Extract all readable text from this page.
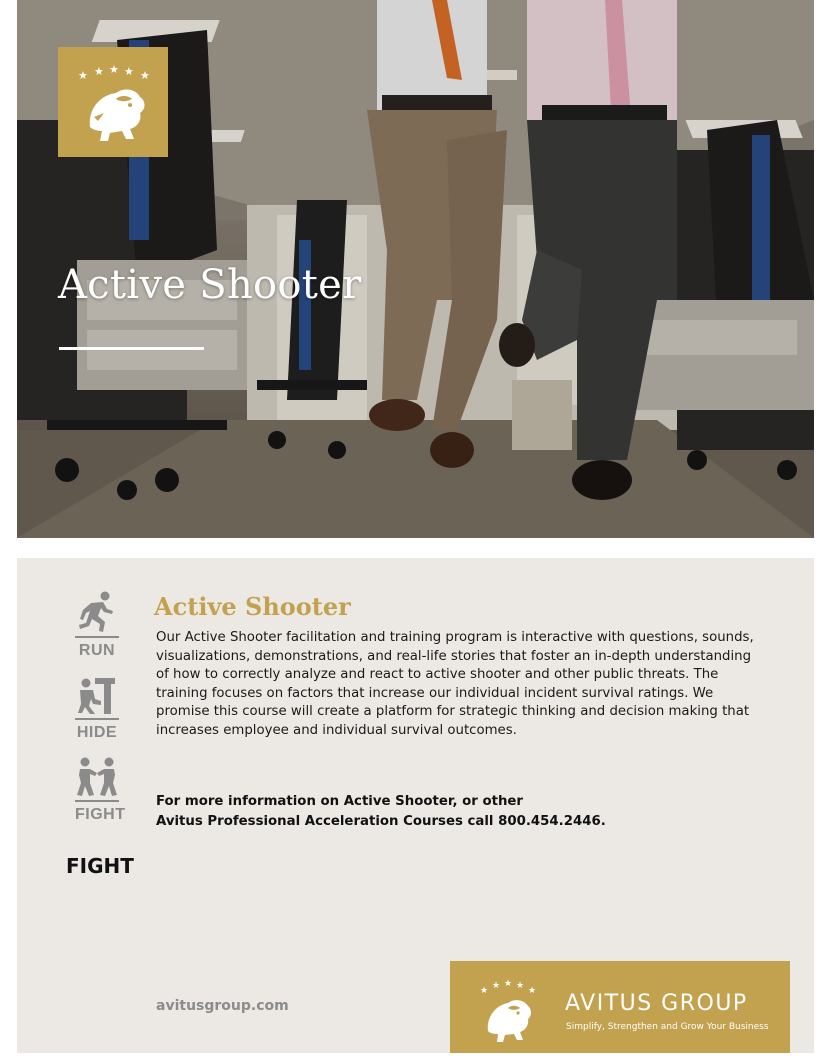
★ ★ ★ ★ ★
Active Shooter
RUN
HIDE
FIGHT
FIGHT
Active Shooter

Our Active Shooter facilitation and training program is interactive with questions, sounds, visualizations, demonstrations, and real-life stories that foster an in-depth understanding of how to correctly analyze and react to active shooter and other public threats. The training focuses on factors that increase our individual incident survival ratings. We promise this course will create a platform for strategic thinking and decision making that increases employee and individual survival outcomes.

For more information on Active Shooter, or other
Avitus Professional Acceleration Courses call 800.454.2446.
avitusgroup.com
★ ★ ★ ★ ★ AVITUS GROUP
Simplify, Strengthen and Grow Your Business
